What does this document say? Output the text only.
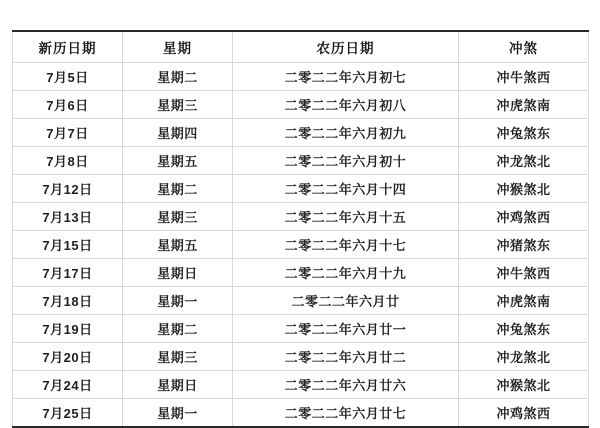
新历日期	星期	农历日期	冲煞
7月5日	星期二	二零二二年六月初七	冲牛煞西
7月6日	星期三	二零二二年六月初八	冲虎煞南
7月7日	星期四	二零二二年六月初九	冲兔煞东
7月8日	星期五	二零二二年六月初十	冲龙煞北
7月12日	星期二	二零二二年六月十四	冲猴煞北
7月13日	星期三	二零二二年六月十五	冲鸡煞西
7月15日	星期五	二零二二年六月十七	冲猪煞东
7月17日	星期日	二零二二年六月十九	冲牛煞西
7月18日	星期一	二零二二年六月廿	冲虎煞南
7月19日	星期二	二零二二年六月廿一	冲兔煞东
7月20日	星期三	二零二二年六月廿二	冲龙煞北
7月24日	星期日	二零二二年六月廿六	冲猴煞北
7月25日	星期一	二零二二年六月廿七	冲鸡煞西
